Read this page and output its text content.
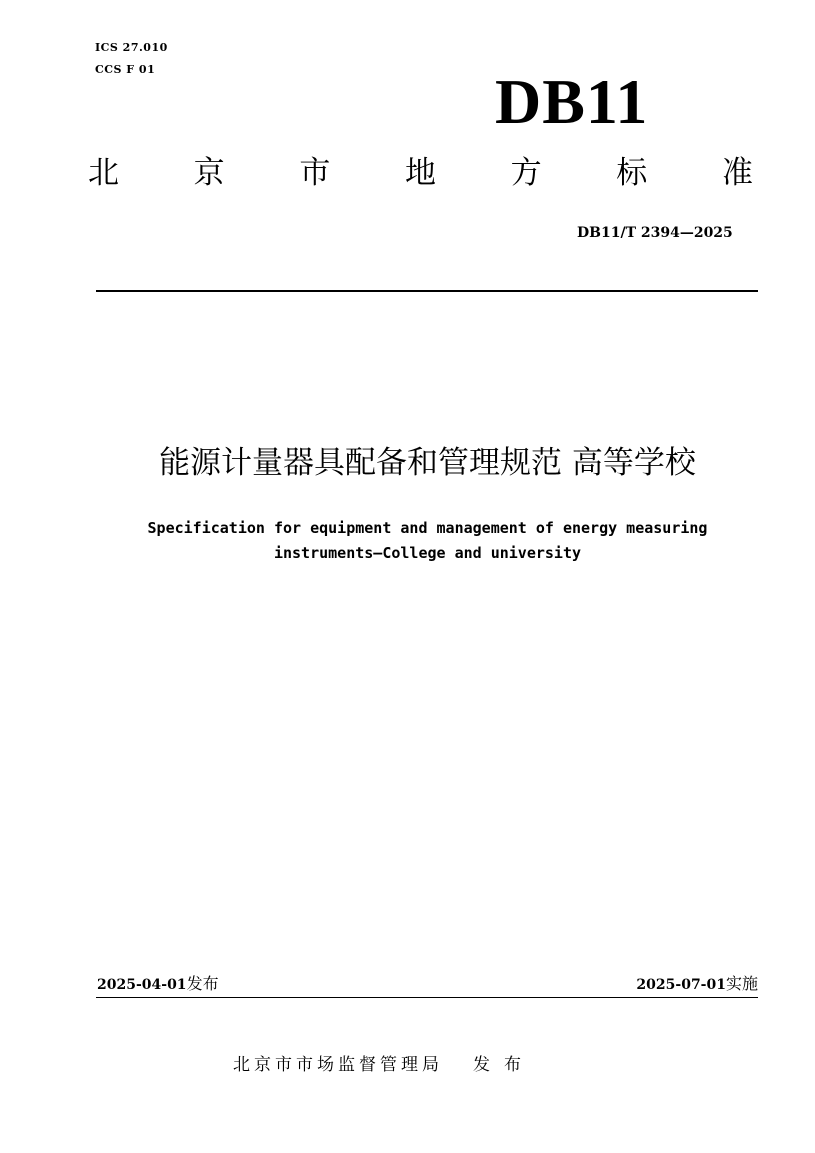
ICS 27.010
CCS F 01	DB11
北 京 市 地 方 标 准
DB11/T 2394—2025
能源计量器具配备和管理规范 高等学校
Specification for equipment and management of energy measuring
instruments—College and university
2025-04-01发布	2025-07-01实施
北京市市场监督管理局 发布
